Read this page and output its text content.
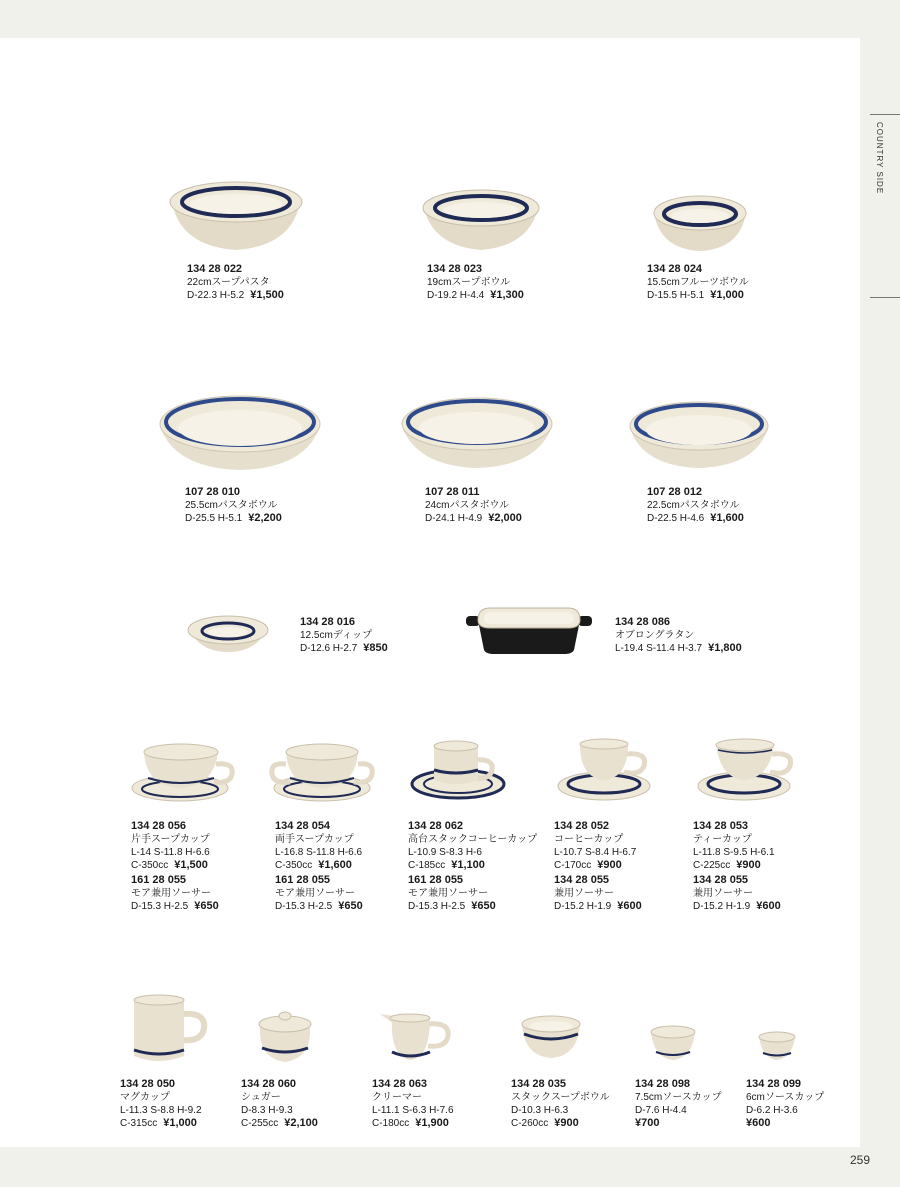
COUNTRY SIDE
259
134 28 022
22cmスープパスタ
D-22.3 H-5.2 ¥1,500
134 28 023
19cmスープボウル
D-19.2 H-4.4 ¥1,300
134 28 024
15.5cmフルーツボウル
D-15.5 H-5.1 ¥1,000
107 28 010
25.5cmパスタボウル
D-25.5 H-5.1 ¥2,200
107 28 011
24cmパスタボウル
D-24.1 H-4.9 ¥2,000
107 28 012
22.5cmパスタボウル
D-22.5 H-4.6 ¥1,600
134 28 016
12.5cmディップ
D-12.6 H-2.7 ¥850
134 28 086
オブロングラタン
L-19.4 S-11.4 H-3.7 ¥1,800
134 28 056
片手スープカップ
L-14 S-11.8 H-6.6
C-350cc ¥1,500
161 28 055
モア兼用ソーサー
D-15.3 H-2.5 ¥650
134 28 054
両手スープカップ
L-16.8 S-11.8 H-6.6
C-350cc ¥1,600
161 28 055
モア兼用ソーサー
D-15.3 H-2.5 ¥650
134 28 062
高台スタックコーヒーカップ
L-10.9 S-8.3 H-6
C-185cc ¥1,100
161 28 055
モア兼用ソーサー
D-15.3 H-2.5 ¥650
134 28 052
コーヒーカップ
L-10.7 S-8.4 H-6.7
C-170cc ¥900
134 28 055
兼用ソーサー
D-15.2 H-1.9 ¥600
134 28 053
ティーカップ
L-11.8 S-9.5 H-6.1
C-225cc ¥900
134 28 055
兼用ソーサー
D-15.2 H-1.9 ¥600
134 28 050
マグカップ
L-11.3 S-8.8 H-9.2
C-315cc ¥1,000
134 28 060
シュガー
D-8.3 H-9.3
C-255cc ¥2,100
134 28 063
クリーマー
L-11.1 S-6.3 H-7.6
C-180cc ¥1,900
134 28 035
スタックスープボウル
D-10.3 H-6.3
C-260cc ¥900
134 28 098
7.5cmソースカップ
D-7.6 H-4.4
¥700
134 28 099
6cmソースカップ
D-6.2 H-3.6
¥600
